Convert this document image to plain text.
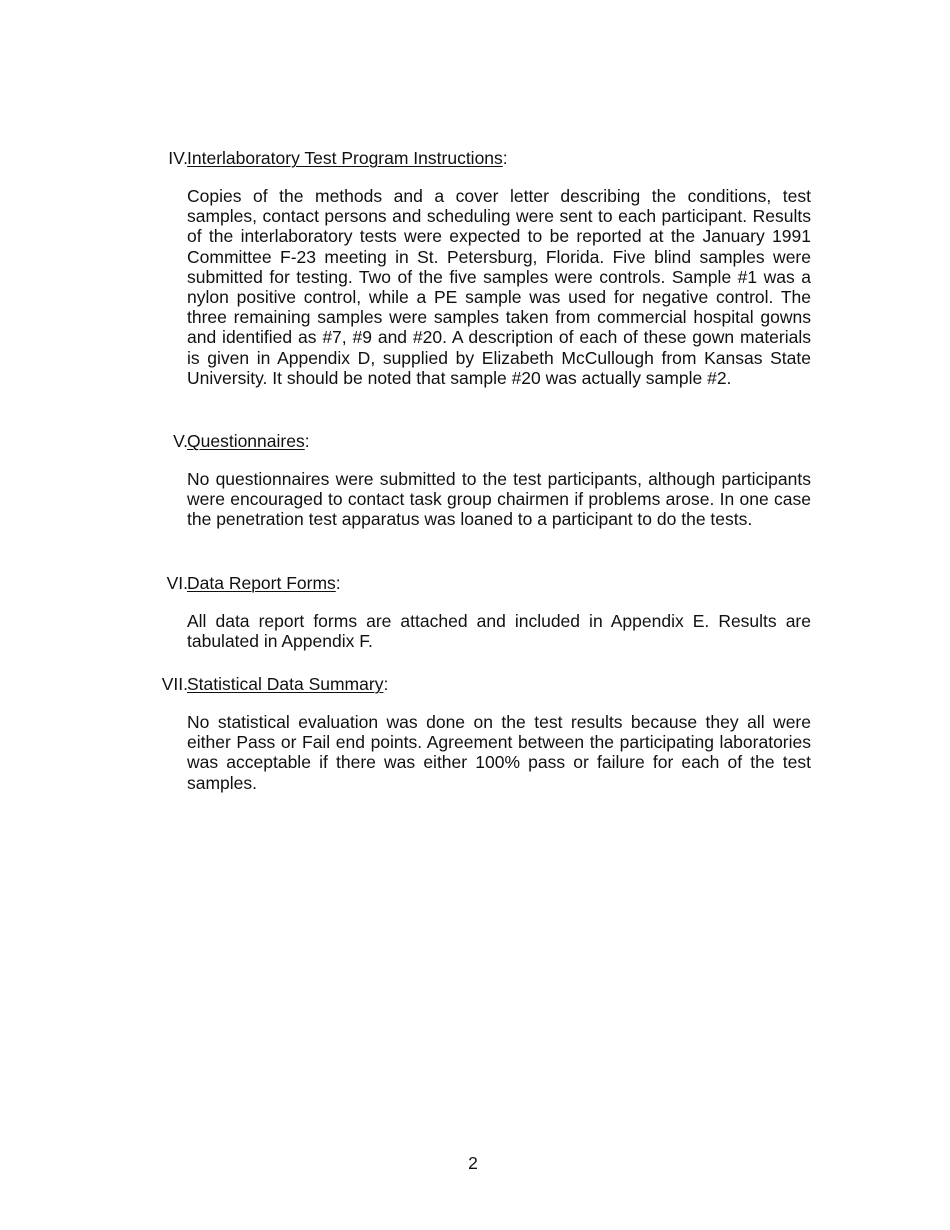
IV. Interlaboratory Test Program Instructions:

Copies of the methods and a cover letter describing the conditions, test samples, contact persons and scheduling were sent to each participant. Results of the interlaboratory tests were expected to be reported at the January 1991 Committee F-23 meeting in St. Petersburg, Florida. Five blind samples were submitted for testing. Two of the five samples were controls. Sample #1 was a nylon positive control, while a PE sample was used for negative control. The three remaining samples were samples taken from commercial hospital gowns and identified as #7, #9 and #20. A description of each of these gown materials is given in Appendix D, supplied by Elizabeth McCullough from Kansas State University. It should be noted that sample #20 was actually sample #2.

V. Questionnaires:

No questionnaires were submitted to the test participants, although participants were encouraged to contact task group chairmen if problems arose. In one case the penetration test apparatus was loaned to a participant to do the tests.

VI. Data Report Forms:

All data report forms are attached and included in Appendix E. Results are tabulated in Appendix F.

VII. Statistical Data Summary:

No statistical evaluation was done on the test results because they all were either Pass or Fail end points. Agreement between the participating laboratories was acceptable if there was either 100% pass or failure for each of the test samples.

2
